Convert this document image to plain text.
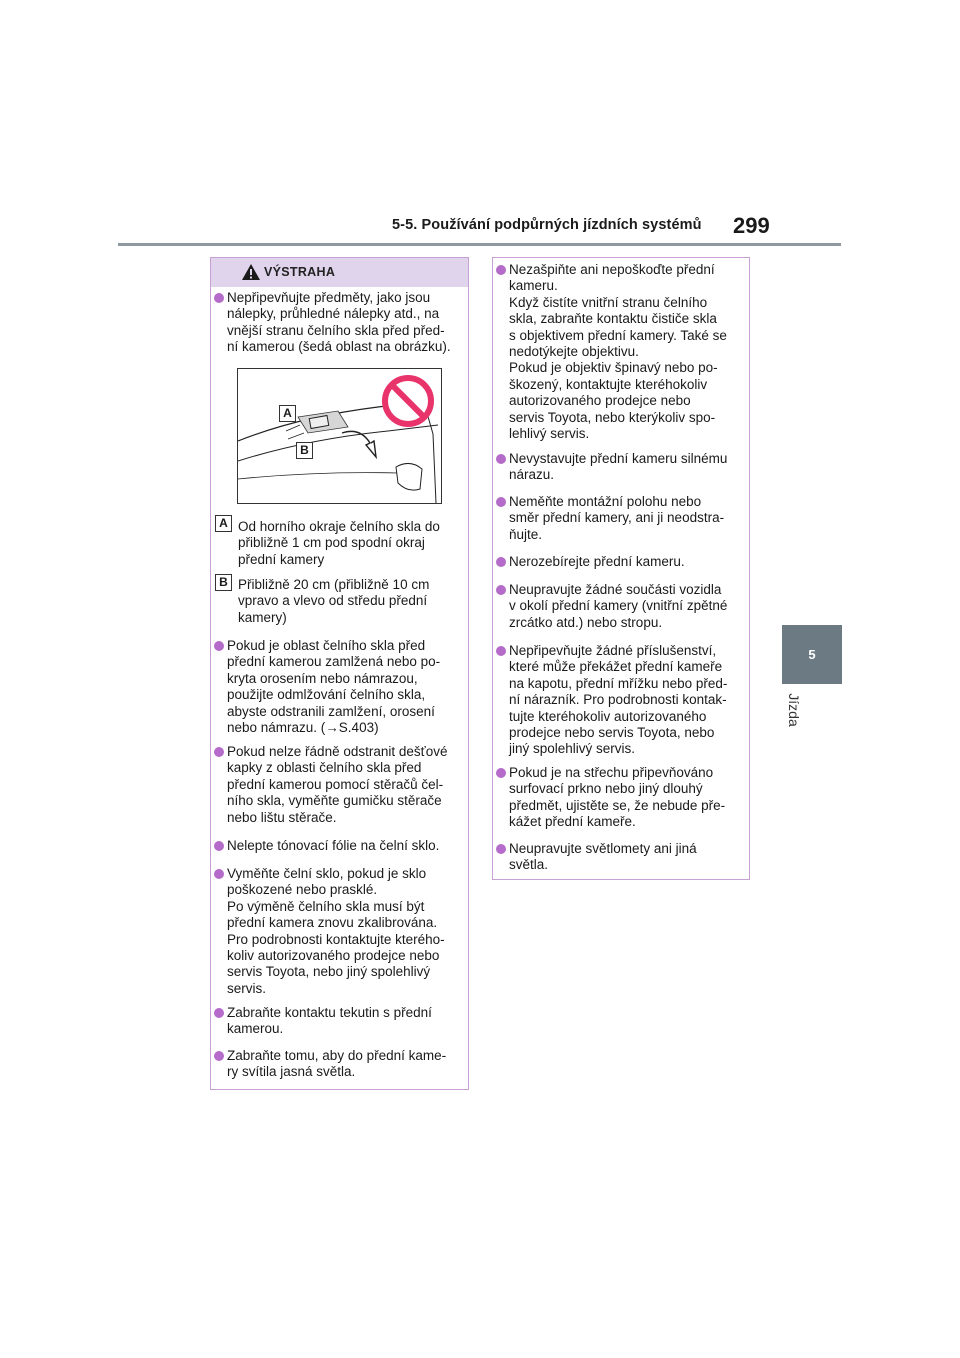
5-5. Používání podpůrných jízdních systémů 299
5
Jízda
VÝSTRAHA
Nepřipevňujte předměty, jako jsou
nálepky, průhledné nálepky atd., na
vnější stranu čelního skla před před-
ní kamerou (šedá oblast na obrázku).
A
B
A Od horního okraje čelního skla do
přibližně 1 cm pod spodní okraj
přední kamery
B Přibližně 20 cm (přibližně 10 cm
vpravo a vlevo od středu přední
kamery)
Pokud je oblast čelního skla před
přední kamerou zamlžená nebo po-
kryta orosením nebo námrazou,
použijte odmlžování čelního skla,
abyste odstranili zamlžení, orosení
nebo námrazu. (→S.403)
Pokud nelze řádně odstranit dešťové
kapky z oblasti čelního skla před
přední kamerou pomocí stěračů čel-
ního skla, vyměňte gumičku stěrače
nebo lištu stěrače.
Nelepte tónovací fólie na čelní sklo.
Vyměňte čelní sklo, pokud je sklo
poškozené nebo prasklé.
Po výměně čelního skla musí být
přední kamera znovu zkalibrována.
Pro podrobnosti kontaktujte kterého-
koliv autorizovaného prodejce nebo
servis Toyota, nebo jiný spolehlivý
servis.
Zabraňte kontaktu tekutin s přední
kamerou.
Zabraňte tomu, aby do přední kame-
ry svítila jasná světla.
Nezašpiňte ani nepoškoďte přední
kameru.
Když čistíte vnitřní stranu čelního
skla, zabraňte kontaktu čističe skla
s objektivem přední kamery. Také se
nedotýkejte objektivu.
Pokud je objektiv špinavý nebo po-
škozený, kontaktujte kteréhokoliv
autorizovaného prodejce nebo
servis Toyota, nebo kterýkoliv spo-
lehlivý servis.
Nevystavujte přední kameru silnému
nárazu.
Neměňte montážní polohu nebo
směr přední kamery, ani ji neodstra-
ňujte.
Nerozebírejte přední kameru.
Neupravujte žádné součásti vozidla
v okolí přední kamery (vnitřní zpětné
zrcátko atd.) nebo stropu.
Nepřipevňujte žádné příslušenství,
které může překážet přední kameře
na kapotu, přední mřížku nebo před-
ní nárazník. Pro podrobnosti kontak-
tujte kteréhokoliv autorizovaného
prodejce nebo servis Toyota, nebo
jiný spolehlivý servis.
Pokud je na střechu připevňováno
surfovací prkno nebo jiný dlouhý
předmět, ujistěte se, že nebude pře-
kážet přední kameře.
Neupravujte světlomety ani jiná
světla.
